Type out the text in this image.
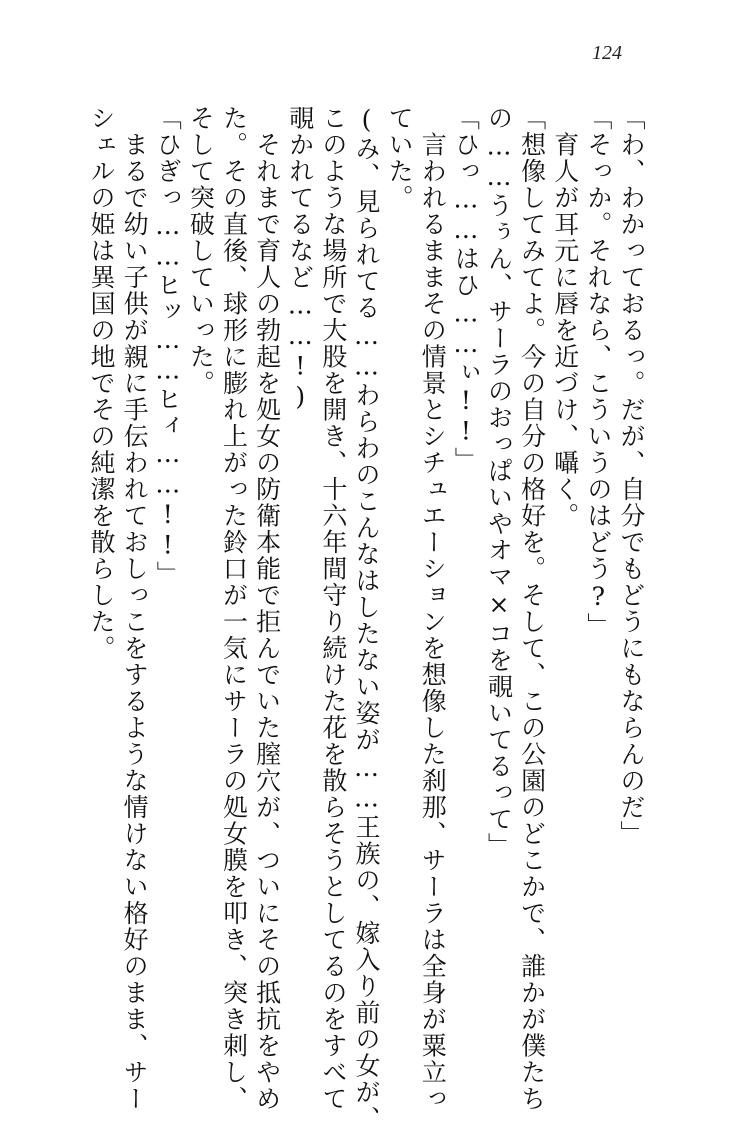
124
「わ、わかっておるっ。だが、自分でもどうにもならんのだ」
「そっか。それなら、こういうのはどう?」
　育人が耳元に唇を近づけ、囁く。
「想像してみてよ。今の自分の格好を。そして、この公園のどこかで、誰かが僕たち
の……うぅん、サーラのおっぱいやオマ×コを覗いてるって」
「ひっ……はひ……ぃ!!」
　言われるままその情景とシチュエーションを想像した刹那、サーラは全身が粟立っ
ていた。
(み、見られてる……わらわのこんなはしたない姿が……王族の、嫁入り前の女が、
このような場所で大股を開き、十六年間守り続けた花を散らそうとしてるのをすべて
覗かれてるなど……!)
　それまで育人の勃起を処女の防衛本能で拒んでいた膣穴が、ついにその抵抗をやめ
た。その直後、球形に膨れ上がった鈴口が一気にサーラの処女膜を叩き、突き刺し、
そして突破していった。
「ひぎっ……ヒッ……ヒィ……!!」
　まるで幼い子供が親に手伝われておしっこをするような情けない格好のまま、サー
シェルの姫は異国の地でその純潔を散らした。
